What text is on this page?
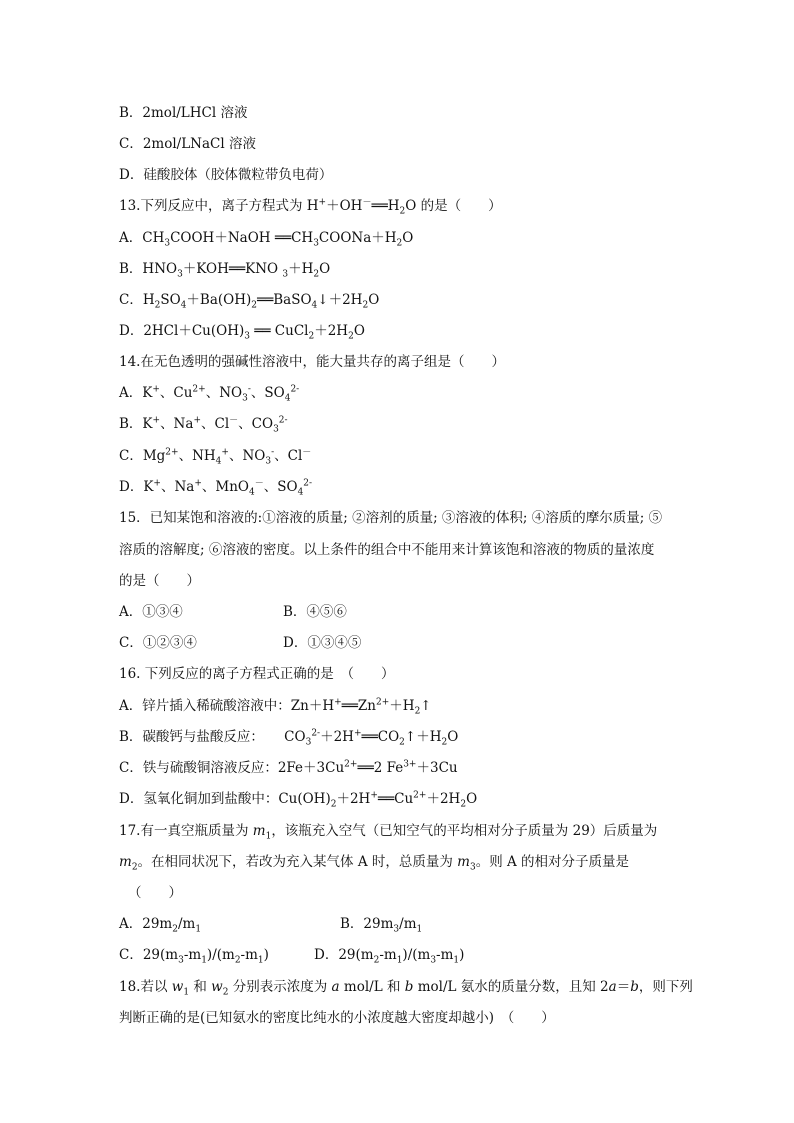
B．2mol/LHCl 溶液
C．2mol/LNaCl 溶液
D．硅酸胶体（胶体微粒带负电荷）
13.下列反应中，离子方程式为 $H^++OH^-══H_2O$ 的是（　　）
A．$CH_3COOH+NaOH$ $══CH_3COONa+H_2O$
B．$HNO_3+KOH══KNO$ $_3+H_2O$
C．$H_2SO_4+Ba(OH)_2══BaSO_4↓+2H_2O$
D．$2HCl+Cu(OH)_3$ ══ $CuCl_2+2H_2O$
14.在无色透明的强碱性溶液中，能大量共存的离子组是（　　）
A．K+、$Cu^{2+}$、$NO_3^-$、$SO_4^{2-}$
B．K+、Na+、Cl－、$CO_3^{2-}$
C．$Mg^{2+}$、$NH_4^+$、$NO_3^-$、Cl－
D．K+、Na+、MnO$_4$－、$SO_4^{2-}$
15．已知某饱和溶液的:①溶液的质量; ②溶剂的质量; ③溶液的体积; ④溶质的摩尔质量; ⑤
溶质的溶解度; ⑥溶液的密度。以上条件的组合中不能用来计算该饱和溶液的物质的量浓度
的是（　　）
A．①③④	B．④⑤⑥
C．①②③④	D．①③④⑤
16. 下列反应的离子方程式正确的是　（　　）
A．锌片插入稀硫酸溶液中：$Zn+H^+══Zn^{2+}+H_2↑$
B．碳酸钙与盐酸反应：　　$CO_3^{2-}+2H^+══CO_2↑+H_2O$
C．铁与硫酸铜溶液反应：$2Fe+3Cu^{2+}══2$ $Fe^{3+}+3Cu$
D．氢氧化铜加到盐酸中：$Cu(OH)_2+2H^+══Cu^{2+}+2H_2O$
17.有一真空瓶质量为 $m_1$，该瓶充入空气（已知空气的平均相对分子质量为 29）后质量为
$m_2$。在相同状况下，若改为充入某气体 A 时，总质量为 $m_3$。则 A 的相对分子质量是
（　　）
A．$29m_2/m_1$	B．$29m_3/m_1$
C．$29(m_3-m_1)/(m_2-m_1)$	D．$29(m_2-m_1)/(m_3-m_1)$
18.若以 $w_1$ 和 $w_2$ 分别表示浓度为 a mol/L 和 b mol/L 氨水的质量分数，且知 2a＝b，则下列
判断正确的是(已知氨水的密度比纯水的小浓度越大密度却越小)　（　　）
